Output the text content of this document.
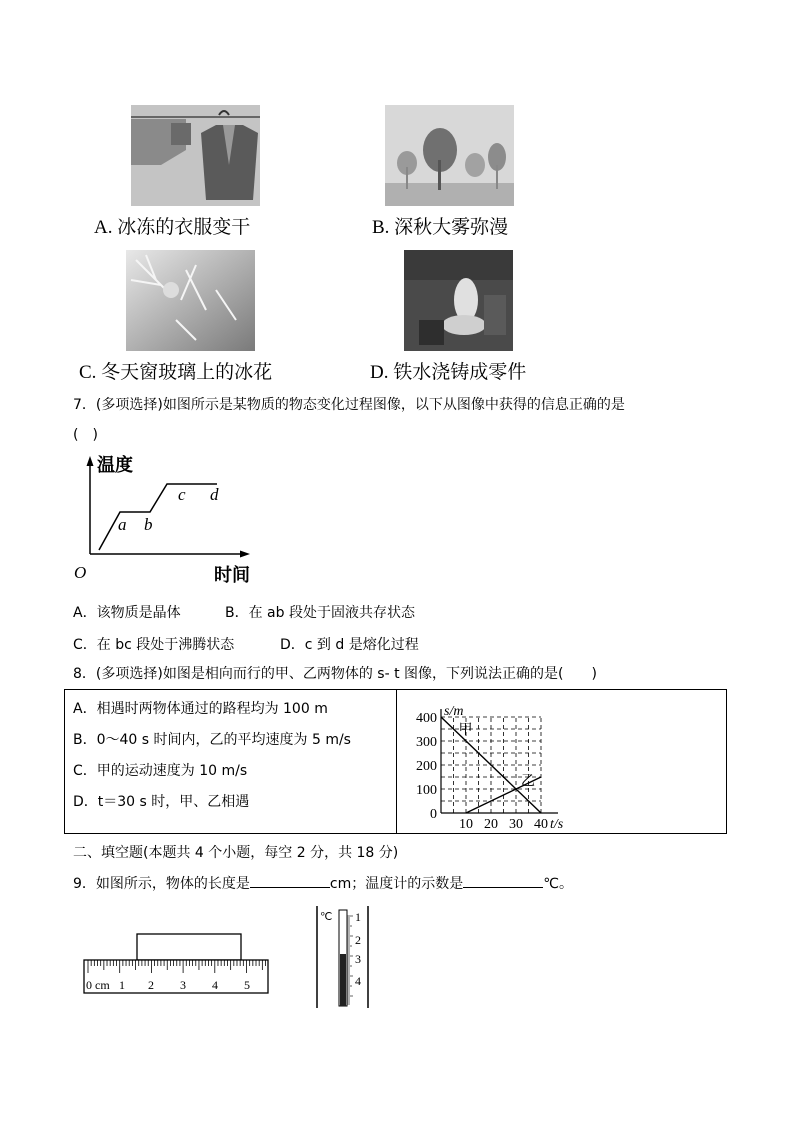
A. 冰冻的衣服变干	B. 深秋大雾弥漫
C. 冬天窗玻璃上的冰花	D. 铁水浇铸成零件
7．(多项选择)如图所示是某物质的物态变化过程图像，以下从图像中获得的信息正确的是
(　)
温度
时间
O
a b
c d
A．该物质是晶体	B．在 ab 段处于固液共存状态
C．在 bc 段处于沸腾状态	D．c 到 d 是熔化过程
8．(多项选择)如图是相向而行的甲、乙两物体的 s- t 图像，下列说法正确的是(　　)
A．相遇时两物体通过的路程均为 100 m
B．0～40 s 时间内，乙的平均速度为 5 m/s
C．甲的运动速度为 10 m/s
D．t＝30 s 时，甲、乙相遇
0
100
200
300
400
10 20 30 40
甲
乙
s/m
t/s
二、填空题(本题共 4 个小题，每空 2 分，共 18 分)
9．如图所示，物体的长度是	cm；温度计的示数是	℃。
0 cm 1 2 3 4 5
℃ 1
2
3
4
